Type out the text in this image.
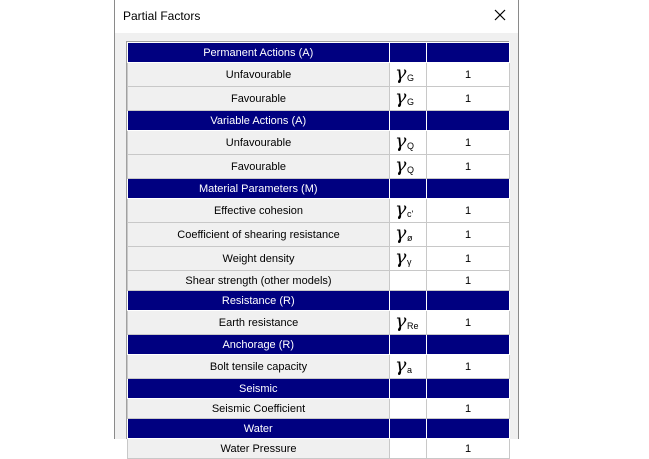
Partial Factors
Permanent Actions (A)		
Unfavourable	γ G	1
Favourable	γ G	1
Variable Actions (A)		
Unfavourable	γ Q	1
Favourable	γ Q	1
Material Parameters (M)		
Effective cohesion	γ c'	1
Coefficient of shearing resistance	γ ø	1
Weight density	γ γ	1
Shear strength (other models)		1
Resistance (R)		
Earth resistance	γ Re	1
Anchorage (R)		
Bolt tensile capacity	γ a	1
Seismic		
Seismic Coefficient		1
Water		
Water Pressure		1
